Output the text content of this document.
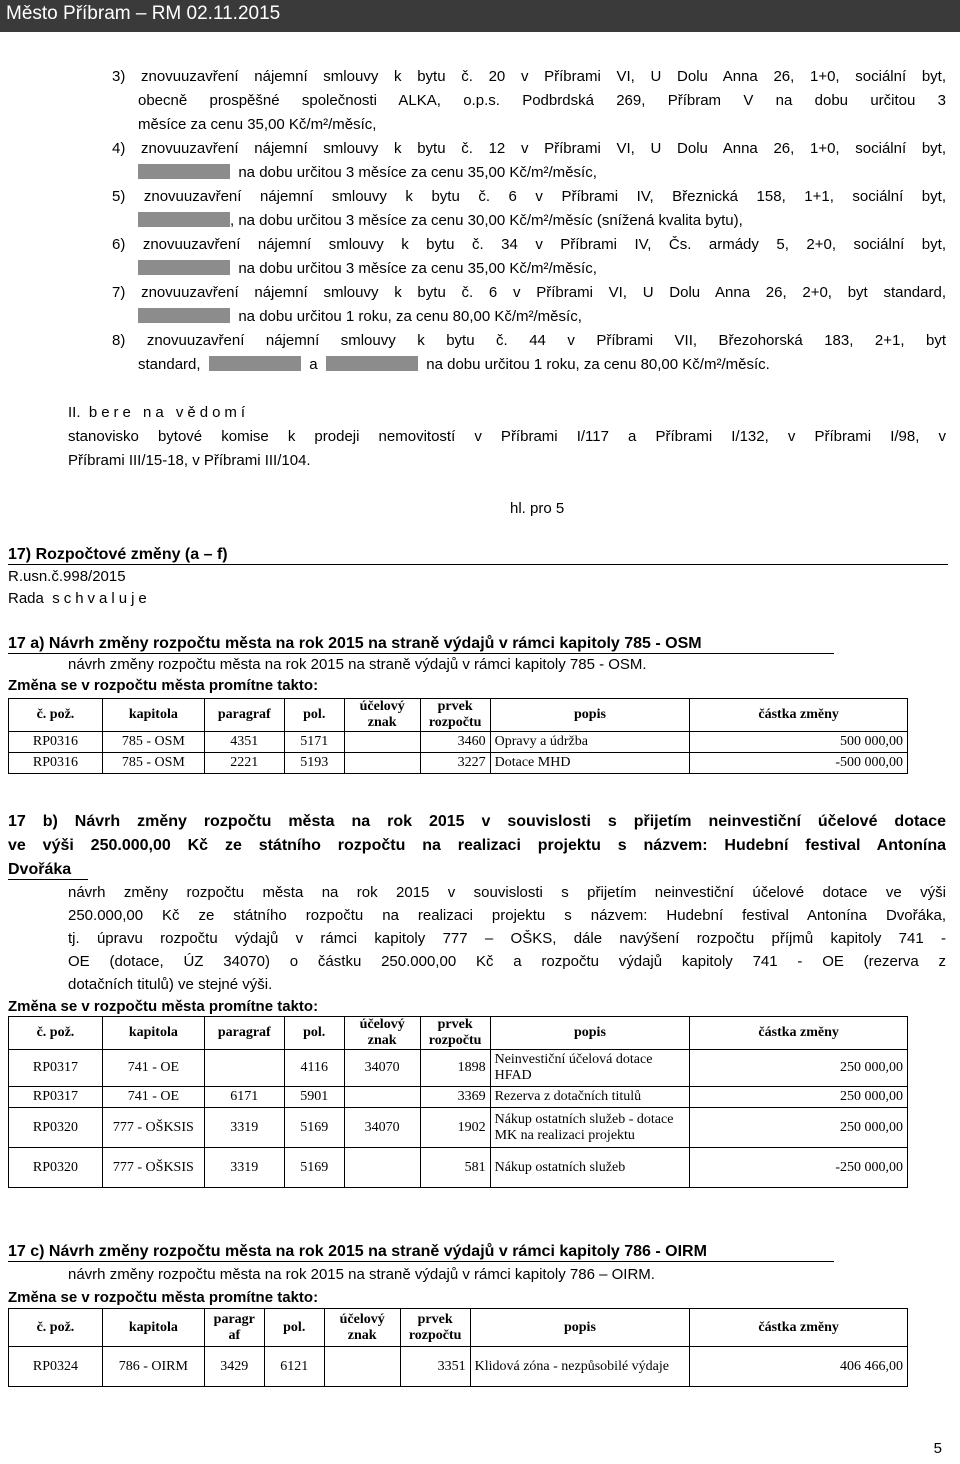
Město Příbram – RM 02.11.2015
3) znovuuzavření nájemní smlouvy k bytu č. 20 v Příbrami VI, U Dolu Anna 26, 1+0, sociální byt,
obecně prospěšné společnosti ALKA, o.p.s. Podbrdská 269, Příbram V na dobu určitou 3
měsíce za cenu 35,00 Kč/m²/měsíc,
4) znovuuzavření nájemní smlouvy k bytu č. 12 v Příbrami VI, U Dolu Anna 26, 1+0, sociální byt,
na dobu určitou 3 měsíce za cenu 35,00 Kč/m²/měsíc,
5) znovuuzavření nájemní smlouvy k bytu č. 6 v Příbrami IV, Březnická 158, 1+1, sociální byt,
, na dobu určitou 3 měsíce za cenu 30,00 Kč/m²/měsíc (snížená kvalita bytu),
6) znovuuzavření nájemní smlouvy k bytu č. 34 v Příbrami IV, Čs. armády 5, 2+0, sociální byt,
na dobu určitou 3 měsíce za cenu 35,00 Kč/m²/měsíc,
7) znovuuzavření nájemní smlouvy k bytu č. 6 v Příbrami VI, U Dolu Anna 26, 2+0, byt standard,
na dobu určitou 1 roku, za cenu 80,00 Kč/m²/měsíc,
8) znovuuzavření nájemní smlouvy k bytu č. 44 v Příbrami VII, Březohorská 183, 2+1, byt
standard,	a	na dobu určitou 1 roku, za cenu 80,00 Kč/m²/měsíc.
II. bere na vědomí
stanovisko bytové komise k prodeji nemovitostí v Příbrami I/117 a Příbrami I/132, v Příbrami I/98, v
Příbrami III/15-18, v Příbrami III/104.
hl. pro 5
17) Rozpočtové změny (a – f)
R.usn.č.998/2015
Rada schvaluje
17 a) Návrh změny rozpočtu města na rok 2015 na straně výdajů v rámci kapitoly 785 - OSM
návrh změny rozpočtu města na rok 2015 na straně výdajů v rámci kapitoly 785 - OSM.
Změna se v rozpočtu města promítne takto:
č. pož.	kapitola	paragraf	pol.	účelový znak	prvek rozpočtu	popis	částka změny
RP0316	785 - OSM	4351	5171		3460	Opravy a údržba	500 000,00
RP0316	785 - OSM	2221	5193		3227	Dotace MHD	-500 000,00
17 b) Návrh změny rozpočtu města na rok 2015 v souvislosti s přijetím neinvestiční účelové dotace
ve výši 250.000,00 Kč ze státního rozpočtu na realizaci projektu s názvem: Hudební festival Antonína
Dvořáka
návrh změny rozpočtu města na rok 2015 v souvislosti s přijetím neinvestiční účelové dotace ve výši
250.000,00 Kč ze státního rozpočtu na realizaci projektu s názvem: Hudební festival Antonína Dvořáka,
tj. úpravu rozpočtu výdajů v rámci kapitoly 777 – OŠKS, dále navýšení rozpočtu příjmů kapitoly 741 -
OE (dotace, ÚZ 34070) o částku 250.000,00 Kč a rozpočtu výdajů kapitoly 741 - OE (rezerva z
dotačních titulů) ve stejné výši.
Změna se v rozpočtu města promítne takto:
č. pož.	kapitola	paragraf	pol.	účelový znak	prvek rozpočtu	popis	částka změny
RP0317	741 - OE		4116	34070	1898	Neinvestiční účelová dotace HFAD	250 000,00
RP0317	741 - OE	6171	5901		3369	Rezerva z dotačních titulů	250 000,00
RP0320	777 - OŠKSIS	3319	5169	34070	1902	Nákup ostatních služeb - dotace MK na realizaci projektu	250 000,00
RP0320	777 - OŠKSIS	3319	5169		581	Nákup ostatních služeb	-250 000,00
17 c) Návrh změny rozpočtu města na rok 2015 na straně výdajů v rámci kapitoly 786 - OIRM
návrh změny rozpočtu města na rok 2015 na straně výdajů v rámci kapitoly 786 – OIRM.
Změna se v rozpočtu města promítne takto:
č. pož.	kapitola	paragr af	pol.	účelový znak	prvek rozpočtu	popis	částka změny
RP0324	786 - OIRM	3429	6121		3351	Klidová zóna - nezpůsobilé výdaje	406 466,00
5
